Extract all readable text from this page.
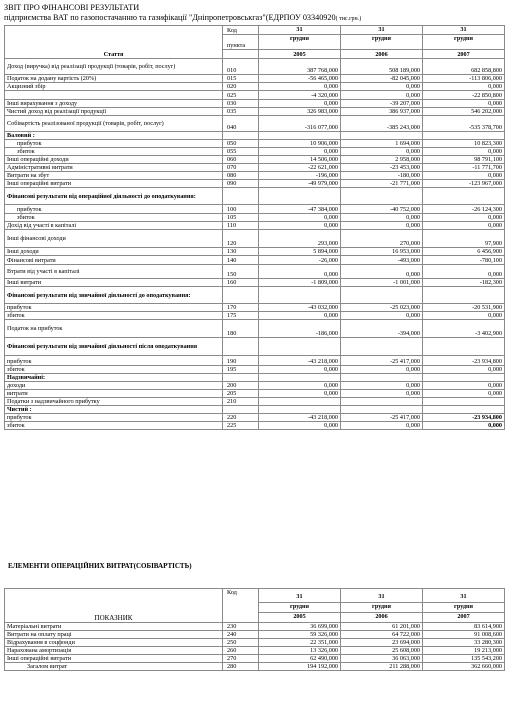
ЗВІТ ПРО ФІНАНСОВІ РЕЗУЛЬТАТИ
підприємства ВАТ по газопостачанню та газифікації "Дніпропетровськгаз"(ЕДРПОУ 03340920( тис.грн.)
Стаття	Код	31	31	31
	пункта	грудня	грудня	грудня
		2005	2006	2007
Доход (виручка) від реалізації продукції (товарів, робіт, послуг)	010	387 768,000	508 189,000	682 858,800
Податок на додану вартість (20%)	015	-56 465,000	-82 045,000	-113 806,000
Акцизний збір	020	0,000	0,000	0,000
	025	-4 320,000	0,000	-22 850,800
Інші вирахування з доходу	030	0,000	-39 207,000	0,000
Чистий доход від реалізації продукції	035	326 983,000	386 937,000	546 202,000
Собівартість реалізованої продукції (товарів, робіт, послуг)	040	-316 077,000	-385 243,000	-535 378,700
Валовий :				
прибуток	050	10 906,000	1 694,000	10 823,300
збиток	055	0,000	0,000	0,000
Інші операційні доходи	060	14 506,000	2 958,000	98 791,100
Адміністративні витрати	070	-22 621,000	-23 453,000	-11 771,700
Витрати на збут	080	-196,000	-180,000	0,000
Інші операційні витрати	090	-49 979,000	-21 771,000	-123 967,000
Фінансові результати від операційної діяльності до оподаткування:				
прибуток	100	-47 384,000	-40 752,000	-26 124,300
збиток	105	0,000	0,000	0,000
Дохід від участі в капіталі	110	0,000	0,000	0,000
Інші фінансові доходи	120	293,000	270,000	97,900
Інші доходи	130	5 894,000	16 953,000	6 456,900
Фінансові витрати	140	-26,000	-493,000	-780,100
Втрати від участі в капіталі	150	0,000	0,000	0,000
Інші витрати	160	-1 809,000	-1 001,000	-182,300
Фінансові результати від звичайної діяльності до оподаткування:				
прибуток	170	-43 032,000	-25 023,000	-20 531,900
збиток	175	0,000	0,000	0,000
Податок на прибуток	180	-186,000	-394,000	-3 402,900
Фінансові результати від звичайної діяльності після оподаткування				
прибуток	190	-43 218,000	-25 417,000	-23 934,800
збиток	195	0,000	0,000	0,000
Надзвичайні:				
доходи	200	0,000	0,000	0,000
витрати	205	0,000	0,000	0,000
Податки з надзвичайного прибутку	210			
Чистий :				
прибуток	220	-43 218,000	-25 417,000	-23 934,800
збиток	225	0,000	0,000	0,000
ЕЛЕМЕНТИ ОПЕРАЦІЙНИХ ВИТРАТ(СОБІВАРТІСТЬ)
ПОКАЗНИК	Код	31	31	31
		грудня	грудня	грудня
		2005	2006	2007
Матеріальні витрати	230	36 699,000	61 201,000	83 614,900
Витрати на оплату праці	240	59 326,000	64 722,000	91 008,600
Відрахування в соцфонди	250	22 351,000	23 694,000	33 280,300
Нарахована амортизація	260	13 326,000	25 608,000	19 213,000
Інші операційні витрати	270	62 490,000	36 063,000	135 543,200
Загалом витрат	280	194 192,000	211 288,000	362 660,000
